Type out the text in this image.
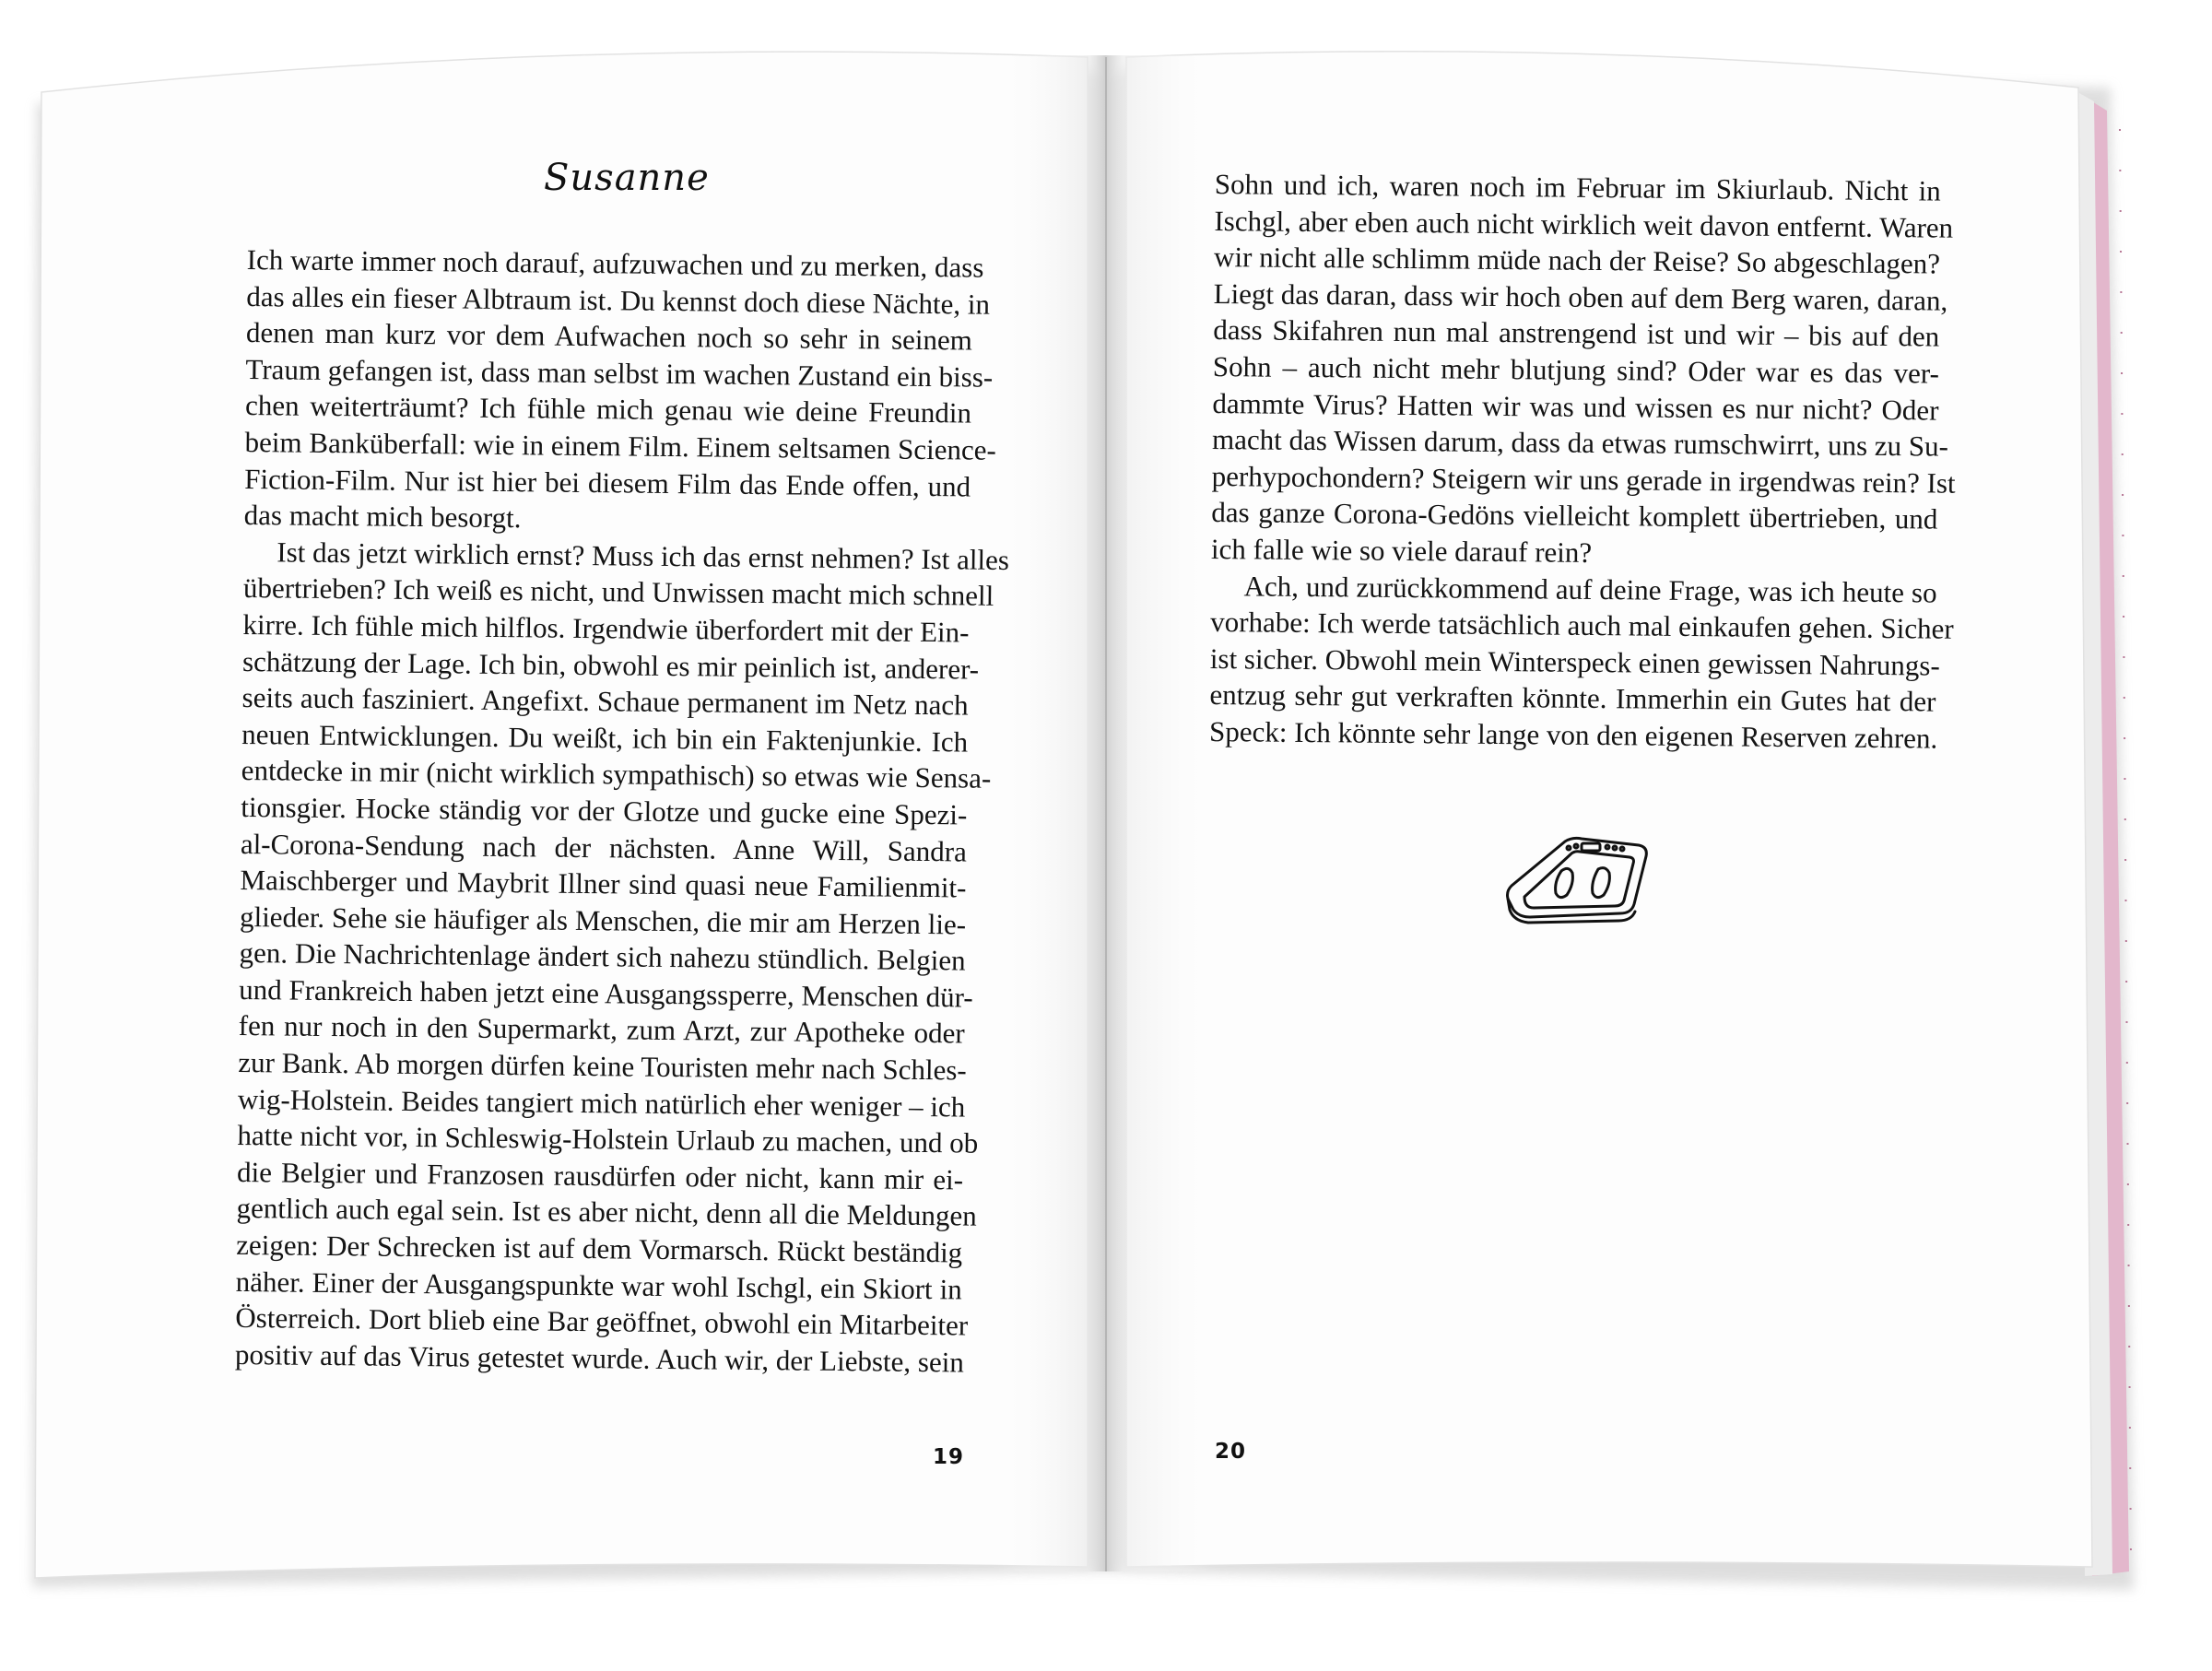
Susanne
Ich warte immer noch darauf, aufzuwachen und zu merken, dass
das alles ein fieser Albtraum ist. Du kennst doch diese Nächte, in
denen man kurz vor dem Aufwachen noch so sehr in seinem
Traum gefangen ist, dass man selbst im wachen Zustand ein biss-
chen weiterträumt? Ich fühle mich genau wie deine Freundin
beim Banküberfall: wie in einem Film. Einem seltsamen Science-
Fiction-Film. Nur ist hier bei diesem Film das Ende offen, und
das macht mich besorgt.
Ist das jetzt wirklich ernst? Muss ich das ernst nehmen? Ist alles
übertrieben? Ich weiß es nicht, und Unwissen macht mich schnell
kirre. Ich fühle mich hilflos. Irgendwie überfordert mit der Ein-
schätzung der Lage. Ich bin, obwohl es mir peinlich ist, anderer-
seits auch fasziniert. Angefixt. Schaue permanent im Netz nach
neuen Entwicklungen. Du weißt, ich bin ein Faktenjunkie. Ich
entdecke in mir (nicht wirklich sympathisch) so etwas wie Sensa-
tionsgier. Hocke ständig vor der Glotze und gucke eine Spezi-
al-Corona-Sendung nach der nächsten. Anne Will, Sandra
Maischberger und Maybrit Illner sind quasi neue Familienmit-
glieder. Sehe sie häufiger als Menschen, die mir am Herzen lie-
gen. Die Nachrichtenlage ändert sich nahezu stündlich. Belgien
und Frankreich haben jetzt eine Ausgangssperre, Menschen dür-
fen nur noch in den Supermarkt, zum Arzt, zur Apotheke oder
zur Bank. Ab morgen dürfen keine Touristen mehr nach Schles-
wig-Holstein. Beides tangiert mich natürlich eher weniger – ich
hatte nicht vor, in Schleswig-Holstein Urlaub zu machen, und ob
die Belgier und Franzosen rausdürfen oder nicht, kann mir ei-
gentlich auch egal sein. Ist es aber nicht, denn all die Meldungen
zeigen: Der Schrecken ist auf dem Vormarsch. Rückt beständig
näher. Einer der Ausgangspunkte war wohl Ischgl, ein Skiort in
Österreich. Dort blieb eine Bar geöffnet, obwohl ein Mitarbeiter
positiv auf das Virus getestet wurde. Auch wir, der Liebste, sein
19
Sohn und ich, waren noch im Februar im Skiurlaub. Nicht in
Ischgl, aber eben auch nicht wirklich weit davon entfernt. Waren
wir nicht alle schlimm müde nach der Reise? So abgeschlagen?
Liegt das daran, dass wir hoch oben auf dem Berg waren, daran,
dass Skifahren nun mal anstrengend ist und wir – bis auf den
Sohn – auch nicht mehr blutjung sind? Oder war es das ver-
dammte Virus? Hatten wir was und wissen es nur nicht? Oder
macht das Wissen darum, dass da etwas rumschwirrt, uns zu Su-
perhypochondern? Steigern wir uns gerade in irgendwas rein? Ist
das ganze Corona-Gedöns vielleicht komplett übertrieben, und
ich falle wie so viele darauf rein?
Ach, und zurückkommend auf deine Frage, was ich heute so
vorhabe: Ich werde tatsächlich auch mal einkaufen gehen. Sicher
ist sicher. Obwohl mein Winterspeck einen gewissen Nahrungs-
entzug sehr gut verkraften könnte. Immerhin ein Gutes hat der
Speck: Ich könnte sehr lange von den eigenen Reserven zehren.
20
